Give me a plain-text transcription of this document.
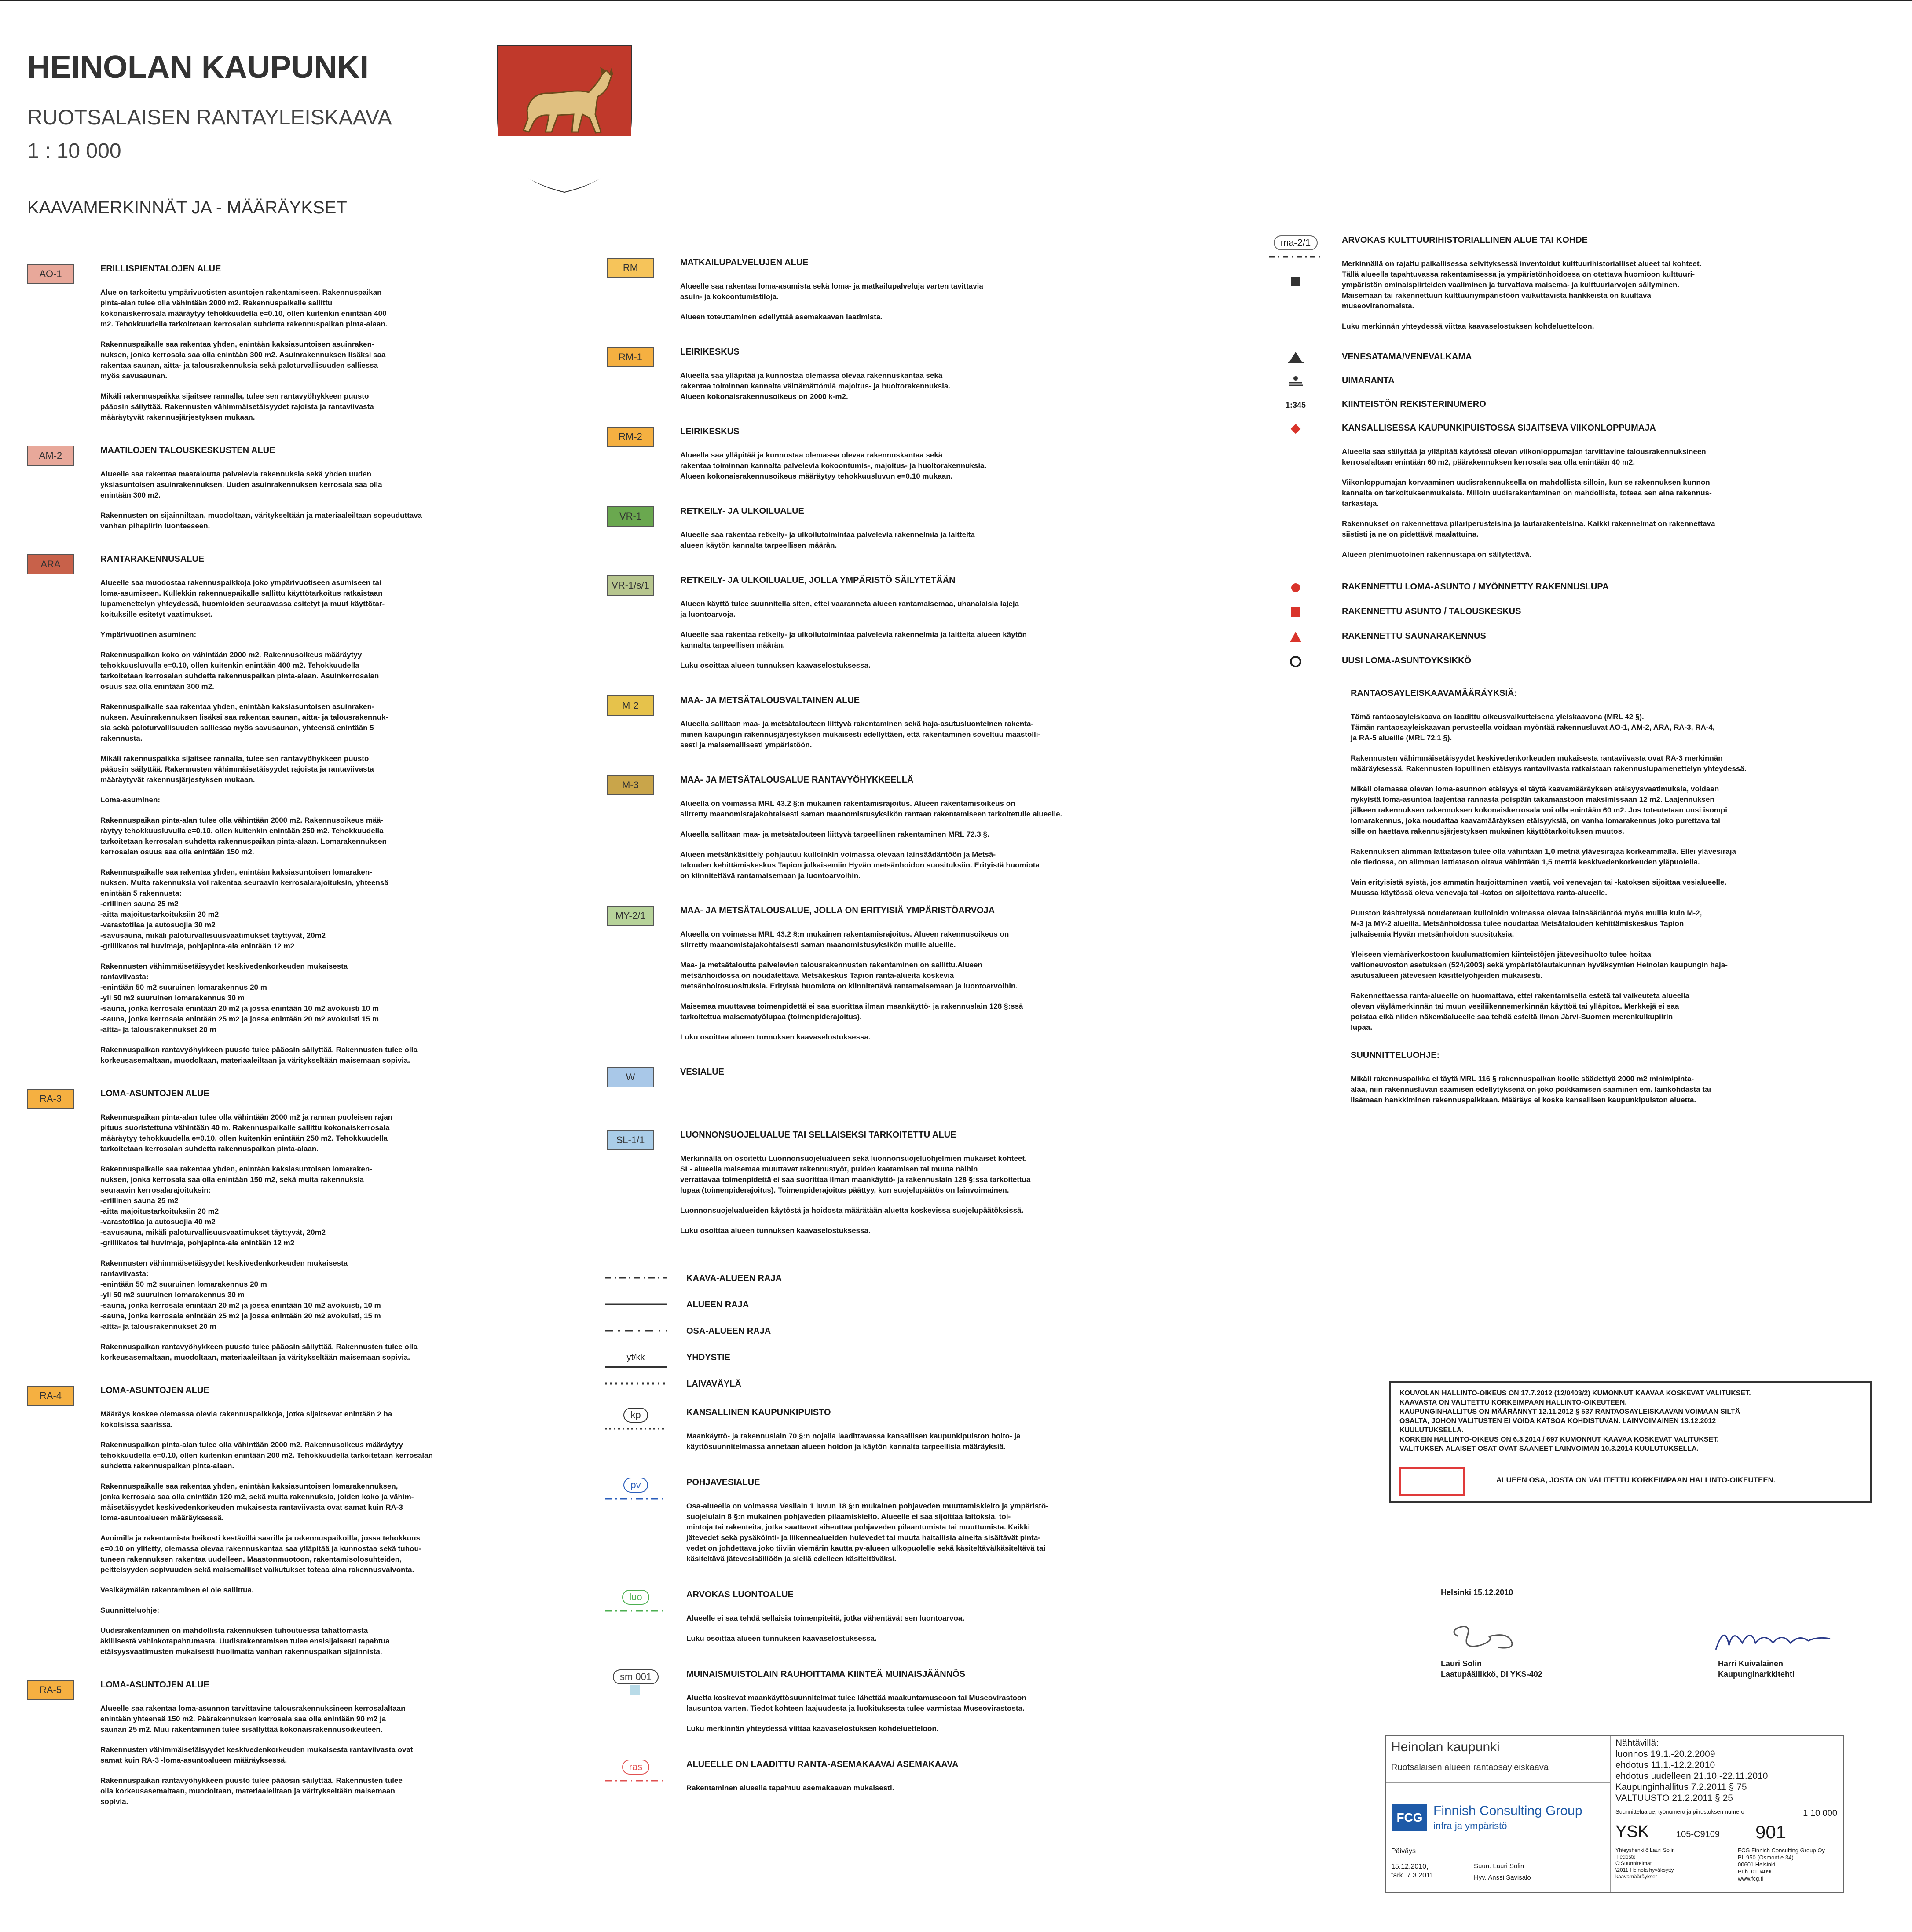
HEINOLAN KAUPUNKI
RUOTSALAISEN RANTAYLEISKAAVA
1 : 10 000
KAAVAMERKINNÄT JA - MÄÄRÄYKSET
AO-1	ERILLISPIENTALOJEN ALUE
Alue on tarkoitettu ympärivuotisten asuntojen rakentamiseen. Rakennuspaikan
pinta-alan tulee olla vähintään 2000 m2. Rakennuspaikalle sallittu
kokonaiskerrosala määräytyy tehokkuudella e=0.10, ollen kuitenkin enintään 400
m2. Tehokkuudella tarkoitetaan kerrosalan suhdetta rakennuspaikan pinta-alaan.
Rakennuspaikalle saa rakentaa yhden, enintään kaksiasuntoisen asuinraken-
nuksen, jonka kerrosala saa olla enintään 300 m2. Asuinrakennuksen lisäksi saa
rakentaa saunan, aitta- ja talousrakennuksia sekä paloturvallisuuden salliessa
myös savusaunan.
Mikäli rakennuspaikka sijaitsee rannalla, tulee sen rantavyöhykkeen puusto
pääosin säilyttää. Rakennusten vähimmäisetäisyydet rajoista ja rantaviivasta
määräytyvät rakennusjärjestyksen mukaan.
AM-2	MAATILOJEN TALOUSKESKUSTEN ALUE
Alueelle saa rakentaa maataloutta palvelevia rakennuksia sekä yhden uuden
yksiasuntoisen asuinrakennuksen. Uuden asuinrakennuksen kerrosala saa olla
enintään 300 m2.
Rakennusten on sijainniltaan, muodoltaan, väritykseltään ja materiaaleiltaan sopeuduttava
vanhan pihapiirin luonteeseen.
ARA	RANTARAKENNUSALUE
Alueelle saa muodostaa rakennuspaikkoja joko ympärivuotiseen asumiseen tai
loma-asumiseen. Kullekkin rakennuspaikalle sallittu käyttötarkoitus ratkaistaan
lupamenettelyn yhteydessä, huomioiden seuraavassa esitetyt ja muut käyttötar-
koituksille esitetyt vaatimukset.
Ympärivuotinen asuminen:
Rakennuspaikan koko on vähintään 2000 m2. Rakennusoikeus määräytyy
tehokkuusluvulla e=0.10, ollen kuitenkin enintään 400 m2. Tehokkuudella
tarkoitetaan kerrosalan suhdetta rakennuspaikan pinta-alaan. Asuinkerrosalan
osuus saa olla enintään 300 m2.
Rakennuspaikalle saa rakentaa yhden, enintään kaksiasuntoisen asuinraken-
nuksen. Asuinrakennuksen lisäksi saa rakentaa saunan, aitta- ja talousrakennuk-
sia sekä paloturvallisuuden salliessa myös savusaunan, yhteensä enintään 5
rakennusta.
Mikäli rakennuspaikka sijaitsee rannalla, tulee sen rantavyöhykkeen puusto
pääosin säilyttää. Rakennusten vähimmäisetäisyydet rajoista ja rantaviivasta
määräytyvät rakennusjärjestyksen mukaan.
Loma-asuminen:
Rakennuspaikan pinta-alan tulee olla vähintään 2000 m2. Rakennusoikeus mää-
räytyy tehokkuusluvulla e=0.10, ollen kuitenkin enintään 250 m2. Tehokkuudella
tarkoitetaan kerrosalan suhdetta rakennuspaikan pinta-alaan. Lomarakennuksen
kerrosalan osuus saa olla enintään 150 m2.
Rakennuspaikalle saa rakentaa yhden, enintään kaksiasuntoisen lomaraken-
nuksen. Muita rakennuksia voi rakentaa seuraavin kerrosalarajoituksin, yhteensä
enintään 5 rakennusta:
-erillinen sauna 25 m2
-aitta majoitustarkoituksiin 20 m2
-varastotilaa ja autosuojia 30 m2
-savusauna, mikäli paloturvallisuusvaatimukset täyttyvät, 20m2
-grillikatos tai huvimaja, pohjapinta-ala enintään 12 m2
Rakennusten vähimmäisetäisyydet keskivedenkorkeuden mukaisesta
rantaviivasta:
-enintään 50 m2 suuruinen lomarakennus 20 m
-yli 50 m2 suuruinen lomarakennus 30 m
-sauna, jonka kerrosala enintään 20 m2 ja jossa enintään 10 m2 avokuisti 10 m
-sauna, jonka kerrosala enintään 25 m2 ja jossa enintään 20 m2 avokuisti 15 m
-aitta- ja talousrakennukset 20 m
Rakennuspaikan rantavyöhykkeen puusto tulee pääosin säilyttää. Rakennusten tulee olla
korkeusasemaltaan, muodoltaan, materiaaleiltaan ja väritykseltään maisemaan sopivia.
RA-3	LOMA-ASUNTOJEN ALUE
Rakennuspaikan pinta-alan tulee olla vähintään 2000 m2 ja rannan puoleisen rajan
pituus suoristettuna vähintään 40 m. Rakennuspaikalle sallittu kokonaiskerrosala
määräytyy tehokkuudella e=0.10, ollen kuitenkin enintään 250 m2. Tehokkuudella
tarkoitetaan kerrosalan suhdetta rakennuspaikan pinta-alaan.
Rakennuspaikalle saa rakentaa yhden, enintään kaksiasuntoisen lomaraken-
nuksen, jonka kerrosala saa olla enintään 150 m2, sekä muita rakennuksia
seuraavin kerrosalarajoituksin:
-erillinen sauna 25 m2
-aitta majoitustarkoituksiin 20 m2
-varastotilaa ja autosuojia 40 m2
-savusauna, mikäli paloturvallisuusvaatimukset täyttyvät, 20m2
-grillikatos tai huvimaja, pohjapinta-ala enintään 12 m2
Rakennusten vähimmäisetäisyydet keskivedenkorkeuden mukaisesta
rantaviivasta:
-enintään 50 m2 suuruinen lomarakennus 20 m
-yli 50 m2 suuruinen lomarakennus 30 m
-sauna, jonka kerrosala enintään 20 m2 ja jossa enintään 10 m2 avokuisti, 10 m
-sauna, jonka kerrosala enintään 25 m2 ja jossa enintään 20 m2 avokuisti, 15 m
-aitta- ja talousrakennukset 20 m
Rakennuspaikan rantavyöhykkeen puusto tulee pääosin säilyttää. Rakennusten tulee olla
korkeusasemaltaan, muodoltaan, materiaaleiltaan ja väritykseltään maisemaan sopivia.
RA-4	LOMA-ASUNTOJEN ALUE
Määräys koskee olemassa olevia rakennuspaikkoja, jotka sijaitsevat enintään 2 ha
kokoisissa saarissa.
Rakennuspaikan pinta-alan tulee olla vähintään 2000 m2. Rakennusoikeus määräytyy
tehokkuudella e=0.10, ollen kuitenkin enintään 200 m2. Tehokkuudella tarkoitetaan kerrosalan
suhdetta rakennuspaikan pinta-alaan.
Rakennuspaikalle saa rakentaa yhden, enintään kaksiasuntoisen lomarakennuksen,
jonka kerrosala saa olla enintään 120 m2, sekä muita rakennuksia, joiden koko ja vähim-
mäisetäisyydet keskivedenkorkeuden mukaisesta rantaviivasta ovat samat kuin RA-3
loma-asuntoalueen määräyksessä.
Avoimilla ja rakentamista heikosti kestävillä saarilla ja rakennuspaikoilla, jossa tehokkuus
e=0.10 on ylitetty, olemassa olevaa rakennuskantaa saa ylläpitää ja kunnostaa sekä tuhou-
tuneen rakennuksen rakentaa uudelleen. Maastonmuotoon, rakentamisolosuhteiden,
peitteisyyden sopivuuden sekä maisemalliset vaikutukset toteaa aina rakennusvalvonta.
Vesikäymälän rakentaminen ei ole sallittua.
Suunnitteluohje:
Uudisrakentaminen on mahdollista rakennuksen tuhoutuessa tahattomasta
äkillisestä vahinkotapahtumasta. Uudisrakentamisen tulee ensisijaisesti tapahtua
etäisyysvaatimusten mukaisesti huolimatta vanhan rakennuspaikan sijainnista.
RA-5	LOMA-ASUNTOJEN ALUE
Alueelle saa rakentaa loma-asunnon tarvittavine talousrakennuksineen kerrosalaltaan
enintään yhteensä 150 m2. Päärakennuksen kerrosala saa olla enintään 90 m2 ja
saunan 25 m2. Muu rakentaminen tulee sisällyttää kokonaisrakennusoikeuteen.
Rakennusten vähimmäisetäisyydet keskivedenkorkeuden mukaisesta rantaviivasta ovat
samat kuin RA-3 -loma-asuntoalueen määräyksessä.
Rakennuspaikan rantavyöhykkeen puusto tulee pääosin säilyttää. Rakennusten tulee
olla korkeusasemaltaan, muodoltaan, materiaaleiltaan ja väritykseltään maisemaan
sopivia.
RM	MATKAILUPALVELUJEN ALUE
Alueelle saa rakentaa loma-asumista sekä loma- ja matkailupalveluja varten tavittavia
asuin- ja kokoontumistiloja.
Alueen toteuttaminen edellyttää asemakaavan laatimista.
RM-1	LEIRIKESKUS
Alueella saa ylläpitää ja kunnostaa olemassa olevaa rakennuskantaa sekä
rakentaa toiminnan kannalta välttämättömiä majoitus- ja huoltorakennuksia.
Alueen kokonaisrakennusoikeus on 2000 k-m2.
RM-2	LEIRIKESKUS
Alueella saa ylläpitää ja kunnostaa olemassa olevaa rakennuskantaa sekä
rakentaa toiminnan kannalta palvelevia kokoontumis-, majoitus- ja huoltorakennuksia.
Alueen kokonaisrakennusoikeus määräytyy tehokkuusluvun e=0.10 mukaan.
VR-1	RETKEILY- JA ULKOILUALUE
Alueelle saa rakentaa retkeily- ja ulkoilutoimintaa palvelevia rakennelmia ja laitteita
alueen käytön kannalta tarpeellisen määrän.
VR-1/s/1	RETKEILY- JA ULKOILUALUE, JOLLA YMPÄRISTÖ SÄILYTETÄÄN
Alueen käyttö tulee suunnitella siten, ettei vaaranneta alueen rantamaisemaa, uhanalaisia lajeja
ja luontoarvoja.
Alueelle saa rakentaa retkeily- ja ulkoilutoimintaa palvelevia rakennelmia ja laitteita alueen käytön
kannalta tarpeellisen määrän.
Luku osoittaa alueen tunnuksen kaavaselostuksessa.
M-2	MAA- JA METSÄTALOUSVALTAINEN ALUE
Alueella sallitaan maa- ja metsätalouteen liittyvä rakentaminen sekä haja-asutusluonteinen rakenta-
minen kaupungin rakennusjärjestyksen mukaisesti edellyttäen, että rakentaminen soveltuu maastolli-
sesti ja maisemallisesti ympäristöön.
M-3	MAA- JA METSÄTALOUSALUE RANTAVYÖHYKKEELLÄ
Alueella on voimassa MRL 43.2 §:n mukainen rakentamisrajoitus. Alueen rakentamisoikeus on
siirretty maanomistajakohtaisesti saman maanomistusyksikön rantaan rakentamiseen tarkoitetulle alueelle.
Alueella sallitaan maa- ja metsätalouteen liittyvä tarpeellinen rakentaminen MRL 72.3 §.
Alueen metsänkäsittely pohjautuu kulloinkin voimassa olevaan lainsäädäntöön ja Metsä-
talouden kehittämiskeskus Tapion julkaisemiin Hyvän metsänhoidon suosituksiin. Erityistä huomiota
on kiinnitettävä rantamaisemaan ja luontoarvoihin.
MY-2/1	MAA- JA METSÄTALOUSALUE, JOLLA ON ERITYISIÄ YMPÄRISTÖARVOJA
Alueella on voimassa MRL 43.2 §:n mukainen rakentamisrajoitus. Alueen rakennusoikeus on
siirretty maanomistajakohtaisesti saman maanomistusyksikön muille alueille.
Maa- ja metsätaloutta palvelevien talousrakennusten rakentaminen on sallittu.Alueen
metsänhoidossa on noudatettava Metsäkeskus Tapion ranta-alueita koskevia
metsänhoitosuosituksia. Erityistä huomiota on kiinnitettävä rantamaisemaan ja luontoarvoihin.
Maisemaa muuttavaa toimenpidettä ei saa suorittaa ilman maankäyttö- ja rakennuslain 128 §:ssä
tarkoitettua maisematyölupaa (toimenpiderajoitus).
Luku osoittaa alueen tunnuksen kaavaselostuksessa.
W	VESIALUE
SL-1/1	LUONNONSUOJELUALUE TAI SELLAISEKSI TARKOITETTU ALUE
Merkinnällä on osoitettu Luonnonsuojelualueen sekä luonnonsuojeluohjelmien mukaiset kohteet.
SL- alueella maisemaa muuttavat rakennustyöt, puiden kaatamisen tai muuta näihin
verrattavaa toimenpidettä ei saa suorittaa ilman maankäyttö- ja rakennuslain 128 §:ssa tarkoitettua
lupaa (toimenpiderajoitus). Toimenpiderajoitus päättyy, kun suojelupäätös on lainvoimainen.
Luonnonsuojelualueiden käytöstä ja hoidosta määrätään aluetta koskevissa suojelupäätöksissä.
Luku osoittaa alueen tunnuksen kaavaselostuksessa.
KAAVA-ALUEEN RAJA
ALUEEN RAJA
OSA-ALUEEN RAJA
yt/kk	YHDYSTIE
LAIVAVÄYLÄ
kp	KANSALLINEN KAUPUNKIPUISTO
Maankäyttö- ja rakennuslain 70 §:n nojalla laadittavassa kansallisen kaupunkipuiston hoito- ja
käyttösuunnitelmassa annetaan alueen hoidon ja käytön kannalta tarpeellisia määräyksiä.
pv	POHJAVESIALUE
Osa-alueella on voimassa Vesilain 1 luvun 18 §:n mukainen pohjaveden muuttamiskielto ja ympäristö-
suojelulain 8 §:n mukainen pohjaveden pilaamiskielto. Alueelle ei saa sijoittaa laitoksia, toi-
mintoja tai rakenteita, jotka saattavat aiheuttaa pohjaveden pilaantumista tai muuttumista. Kaikki
jätevedet sekä pysäköinti- ja liikennealueiden hulevedet tai muuta haitallisia aineita sisältävät pinta-
vedet on johdettava joko tiiviin viemärin kautta pv-alueen ulkopuolelle sekä käsiteltävä/käsiteltävä tai
käsiteltävä jätevesisäiliöön ja siellä edelleen käsiteltäväksi.
luo	ARVOKAS LUONTOALUE
Alueelle ei saa tehdä sellaisia toimenpiteitä, jotka vähentävät sen luontoarvoa.
Luku osoittaa alueen tunnuksen kaavaselostuksessa.
sm 001	MUINAISMUISTOLAIN RAUHOITTAMA KIINTEÄ MUINAISJÄÄNNÖS
Aluetta koskevat maankäyttösuunnitelmat tulee lähettää maakuntamuseoon tai Museovirastoon
lausuntoa varten. Tiedot kohteen laajuudesta ja luokituksesta tulee varmistaa Museovirastosta.
Luku merkinnän yhteydessä viittaa kaavaselostuksen kohdeluetteloon.
ras	ALUEELLE ON LAADITTU RANTA-ASEMAKAAVA/ ASEMAKAAVA
Rakentaminen alueella tapahtuu asemakaavan mukaisesti.
ma-2/1	ARVOKAS KULTTUURIHISTORIALLINEN ALUE TAI KOHDE
Merkinnällä on rajattu paikallisessa selvityksessä inventoidut kulttuurihistorialliset alueet tai kohteet.
Tällä alueella tapahtuvassa rakentamisessa ja ympäristönhoidossa on otettava huomioon kulttuuri-
ympäristön ominaispiirteiden vaaliminen ja turvattava maisema- ja kulttuuriarvojen säilyminen.
Maisemaan tai rakennettuun kulttuuriympäristöön vaikuttavista hankkeista on kuultava
museoviranomaista.
Luku merkinnän yhteydessä viittaa kaavaselostuksen kohdeluetteloon.
VENESATAMA/VENEVALKAMA
UIMARANTA
1:345	KIINTEISTÖN REKISTERINUMERO
KANSALLISESSA KAUPUNKIPUISTOSSA SIJAITSEVA VIIKONLOPPUMAJA
Alueella saa säilyttää ja ylläpitää käytössä olevan viikonloppumajan tarvittavine talousrakennuksineen
kerrosalaltaan enintään 60 m2, päärakennuksen kerrosala saa olla enintään 40 m2.
Viikonloppumajan korvaaminen uudisrakennuksella on mahdollista silloin, kun se rakennuksen kunnon
kannalta on tarkoituksenmukaista. Milloin uudisrakentaminen on mahdollista, toteaa sen aina rakennus-
tarkastaja.
Rakennukset on rakennettava pilariperusteisina ja lautarakenteisina. Kaikki rakennelmat on rakennettava
siististi ja ne on pidettävä maalattuina.
Alueen pienimuotoinen rakennustapa on säilytettävä.
RAKENNETTU LOMA-ASUNTO / MYÖNNETTY RAKENNUSLUPA
RAKENNETTU ASUNTO / TALOUSKESKUS
RAKENNETTU SAUNARAKENNUS
UUSI LOMA-ASUNTOYKSIKKÖ
RANTAOSAYLEISKAAVAMÄÄRÄYKSIÄ:
Tämä rantaosayleiskaava on laadittu oikeusvaikutteisena yleiskaavana (MRL 42 §).
Tämän rantaosayleiskaavan perusteella voidaan myöntää rakennusluvat AO-1, AM-2, ARA, RA-3, RA-4,
ja RA-5 alueille (MRL 72.1 §).
Rakennusten vähimmäisetäisyydet keskivedenkorkeuden mukaisesta rantaviivasta ovat RA-3 merkinnän
määräyksessä. Rakennusten lopullinen etäisyys rantaviivasta ratkaistaan rakennuslupamenettelyn yhteydessä.
Mikäli olemassa olevan loma-asunnon etäisyys ei täytä kaavamääräyksen etäisyysvaatimuksia, voidaan
nykyistä loma-asuntoa laajentaa rannasta poispäin takamaastoon maksimissaan 12 m2. Laajennuksen
jälkeen rakennuksen rakennuksen kokonaiskerrosala voi olla enintään 60 m2. Jos toteutetaan uusi isompi
lomarakennus, joka noudattaa kaavamääräyksen etäisyyksiä, on vanha lomarakennus joko purettava tai
sille on haettava rakennusjärjestyksen mukainen käyttötarkoituksen muutos.
Rakennuksen alimman lattiatason tulee olla vähintään 1,0 metriä ylävesirajaa korkeammalla. Ellei ylävesiraja
ole tiedossa, on alimman lattiatason oltava vähintään 1,5 metriä keskivedenkorkeuden yläpuolella.
Vain erityisistä syistä, jos ammatin harjoittaminen vaatii, voi venevajan tai -katoksen sijoittaa vesialueelle.
Muussa käytössä oleva venevaja tai -katos on sijoitettava ranta-alueelle.
Puuston käsittelyssä noudatetaan kulloinkin voimassa olevaa lainsäädäntöä myös muilla kuin M-2,
M-3 ja MY-2 alueilla. Metsänhoidossa tulee noudattaa Metsätalouden kehittämiskeskus Tapion
julkaisemia Hyvän metsänhoidon suosituksia.
Yleiseen viemäriverkostoon kuulumattomien kiinteistöjen jätevesihuolto tulee hoitaa
valtioneuvoston asetuksen (524/2003) sekä ympäristölautakunnan hyväksymien Heinolan kaupungin haja-
asutusalueen jätevesien käsittelyohjeiden mukaisesti.
Rakennettaessa ranta-alueelle on huomattava, ettei rakentamisella estetä tai vaikeuteta alueella
olevan väylämerkinnän tai muun vesiliikennemerkinnän käyttöä tai ylläpitoa. Merkkejä ei saa
poistaa eikä niiden näkemäalueelle saa tehdä esteitä ilman Järvi-Suomen merenkulkupiirin
lupaa.
SUUNNITTELUOHJE:
Mikäli rakennuspaikka ei täytä MRL 116 § rakennuspaikan koolle säädettyä 2000 m2 minimipinta-
alaa, niin rakennusluvan saamisen edellytyksenä on joko poikkamisen saaminen em. lainkohdasta tai
lisämaan hankkiminen rakennuspaikkaan. Määräys ei koske kansallisen kaupunkipuiston aluetta.
KOUVOLAN HALLINTO-OIKEUS ON 17.7.2012 (12/0403/2) KUMONNUT KAAVAA KOSKEVAT VALITUKSET.
KAAVASTA ON VALITETTU KORKEIMPAAN HALLINTO-OIKEUTEEN.
KAUPUNGINHALLITUS ON MÄÄRÄNNYT 12.11.2012 § 537 RANTAOSAYLEISKAAVAN VOIMAAN SILTÄ
OSALTA, JOHON VALITUSTEN EI VOIDA KATSOA KOHDISTUVAN. LAINVOIMAINEN 13.12.2012
KUULUTUKSELLA.
KORKEIN HALLINTO-OIKEUS ON 6.3.2014 / 697 KUMONNUT KAAVAA KOSKEVAT VALITUKSET.
VALITUKSEN ALAISET OSAT OVAT SAANEET LAINVOIMAN 10.3.2014 KUULUTUKSELLA.
ALUEEN OSA, JOSTA ON VALITETTU KORKEIMPAAN HALLINTO-OIKEUTEEN.
Helsinki 15.12.2010
Lauri Solin
Laatupäällikkö, DI YKS-402
Harri Kuivalainen
Kaupunginarkkitehti
Heinolan kaupunki
Ruotsalaisen alueen rantaosayleiskaava
FCG Finnish Consulting Group
infra ja ympäristö
Päiväys
15.12.2010,
tark. 7.3.2011
Suun. Lauri Solin
Hyv. Anssi Savisalo
Nähtävillä:
luonnos 19.1.-20.2.2009
ehdotus 11.1.-12.2.2010
ehdotus uudelleen 21.10.-22.11.2010
Kaupunginhallitus 7.2.2011 § 75
VALTUUSTO 21.2.2011 § 25
Suunnittelualue, työnumero ja piirustuksen numero	1:10 000
YSK	105-C9109 901
Yhteyshenkilö Lauri Solin
Tiedosto
C:Suunnitelmat
\2011 Heinola hyväksytty
kaavamääräykset
FCG Finnish Consulting Group Oy
PL 950 (Osmontie 34)
00601 Helsinki
Puh. 0104090
www.fcg.fi
